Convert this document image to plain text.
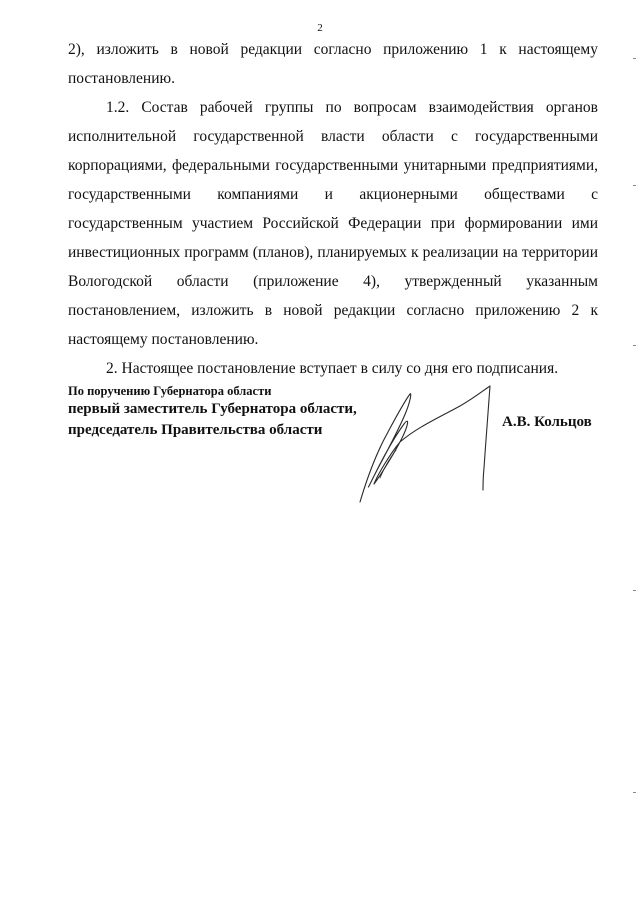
2

2), изложить в новой редакции согласно приложению 1 к настоящему постановлению.

1.2. Состав рабочей группы по вопросам взаимодействия органов исполнительной государственной власти области с государственными корпорациями, федеральными государственными унитарными предприятиями, государственными компаниями и акционерными обществами с государственным участием Российской Федерации при формировании ими инвестиционных программ (планов), планируемых к реализации на территории Вологодской области (приложение 4), утвержденный указанным постановлением, изложить в новой редакции согласно приложению 2 к настоящему постановлению.

2. Настоящее постановление вступает в силу со дня его подписания.

По поручению Губернатора области
первый заместитель Губернатора области,
председатель Правительства области	А.В. Кольцов
